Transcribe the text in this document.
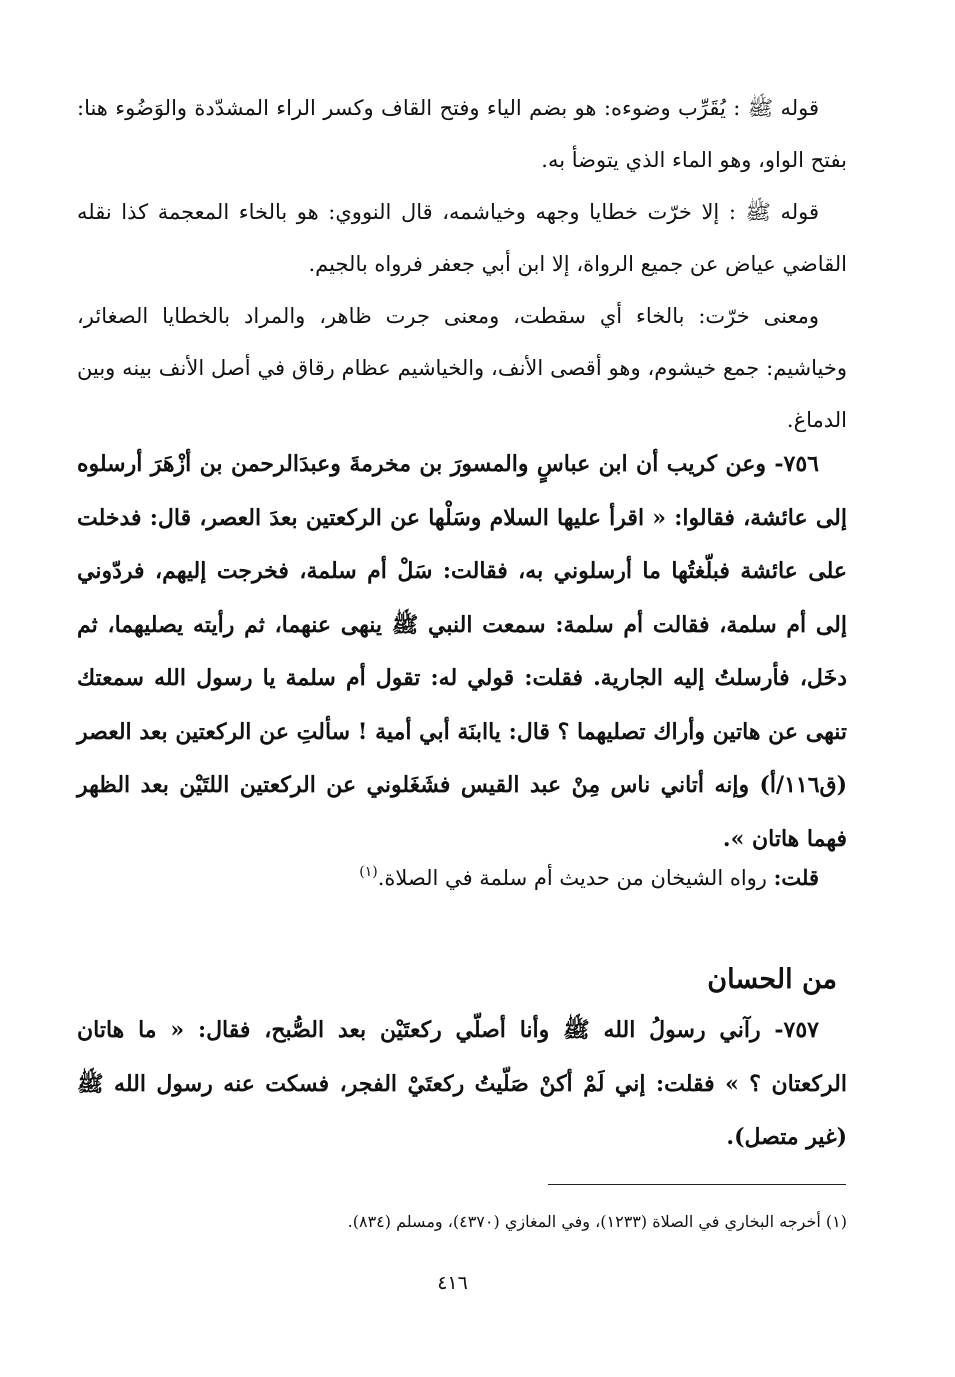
قوله ﷺ : يُقَرِّب وضوءه: هو بضم الياء وفتح القاف وكسر الراء المشدّدة والوَضُوء هنا: بفتح الواو، وهو الماء الذي يتوضأ به.

قوله ﷺ : إلا خرّت خطايا وجهه وخياشمه، قال النووي: هو بالخاء المعجمة كذا نقله القاضي عياض عن جميع الرواة، إلا ابن أبي جعفر فرواه بالجيم.

ومعنى خرّت: بالخاء أي سقطت، ومعنى جرت ظاهر، والمراد بالخطايا الصغائر، وخياشيم: جمع خيشوم، وهو أقصى الأنف، والخياشيم عظام رقاق في أصل الأنف بينه وبين الدماغ.

٧٥٦- وعن كريب أن ابن عباسٍ والمسورَ بن مخرمةَ وعبدَالرحمن بن أزْهَرَ أرسلوه إلى عائشة، فقالوا: « اقرأ عليها السلام وسَلْها عن الركعتين بعدَ العصر، قال: فدخلت على عائشة فبلّغتُها ما أرسلوني به، فقالت: سَلْ أم سلمة، فخرجت إليهم، فردّوني إلى أم سلمة، فقالت أم سلمة: سمعت النبي ﷺ ينهى عنهما، ثم رأيته يصليهما، ثم دخَل، فأرسلتُ إليه الجارية. فقلت: قولي له: تقول أم سلمة يا رسول الله سمعتك تنهى عن هاتين وأراك تصليهما ؟ قال: ياابنَة أبي أمية ! سألتِ عن الركعتين بعد العصر (ق١١٦/أ) وإنه أتاني ناس مِنْ عبد القيس فشَغَلوني عن الركعتين اللتَيْن بعد الظهر فهما هاتان ».

قلت: رواه الشيخان من حديث أم سلمة في الصلاة.$^{(١)}$

من الحسان

٧٥٧- رآني رسولُ الله ﷺ وأنا أصلّي ركعتَيْن بعد الصُّبح، فقال: « ما هاتان الركعتان ؟ » فقلت: إني لَمْ أكنْ صَلّيتُ ركعتَيْ الفجر، فسكت عنه رسول الله ﷺ (غير متصل).

(١) أخرجه البخاري في الصلاة (١٢٣٣)، وفي المغازي (٤٣٧٠)، ومسلم (٨٣٤).

٤١٦
